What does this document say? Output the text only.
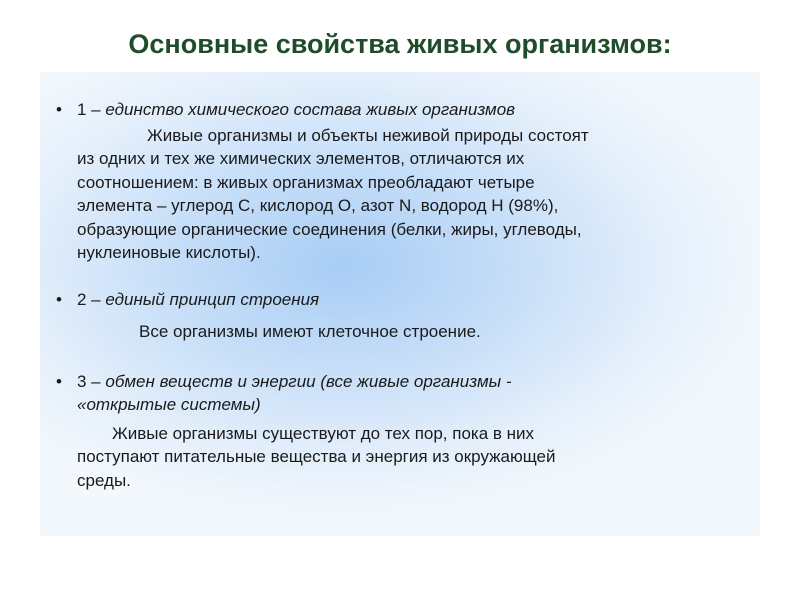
Основные свойства живых организмов:
• 1 – единство химического состава живых организмов
Живые организмы и объекты неживой природы состоят
из одних и тех же химических элементов, отличаются их
соотношением: в живых организмах преобладают четыре
элемента – углерод С, кислород О, азот N, водород Н (98%),
образующие органические соединения (белки, жиры, углеводы,
нуклеиновые кислоты).
• 2 – единый принцип строения
Все организмы имеют клеточное строение.
• 3 – обмен веществ и энергии (все живые организмы -
«открытые системы)
Живые организмы существуют до тех пор, пока в них
поступают питательные вещества и энергия из окружающей
среды.
